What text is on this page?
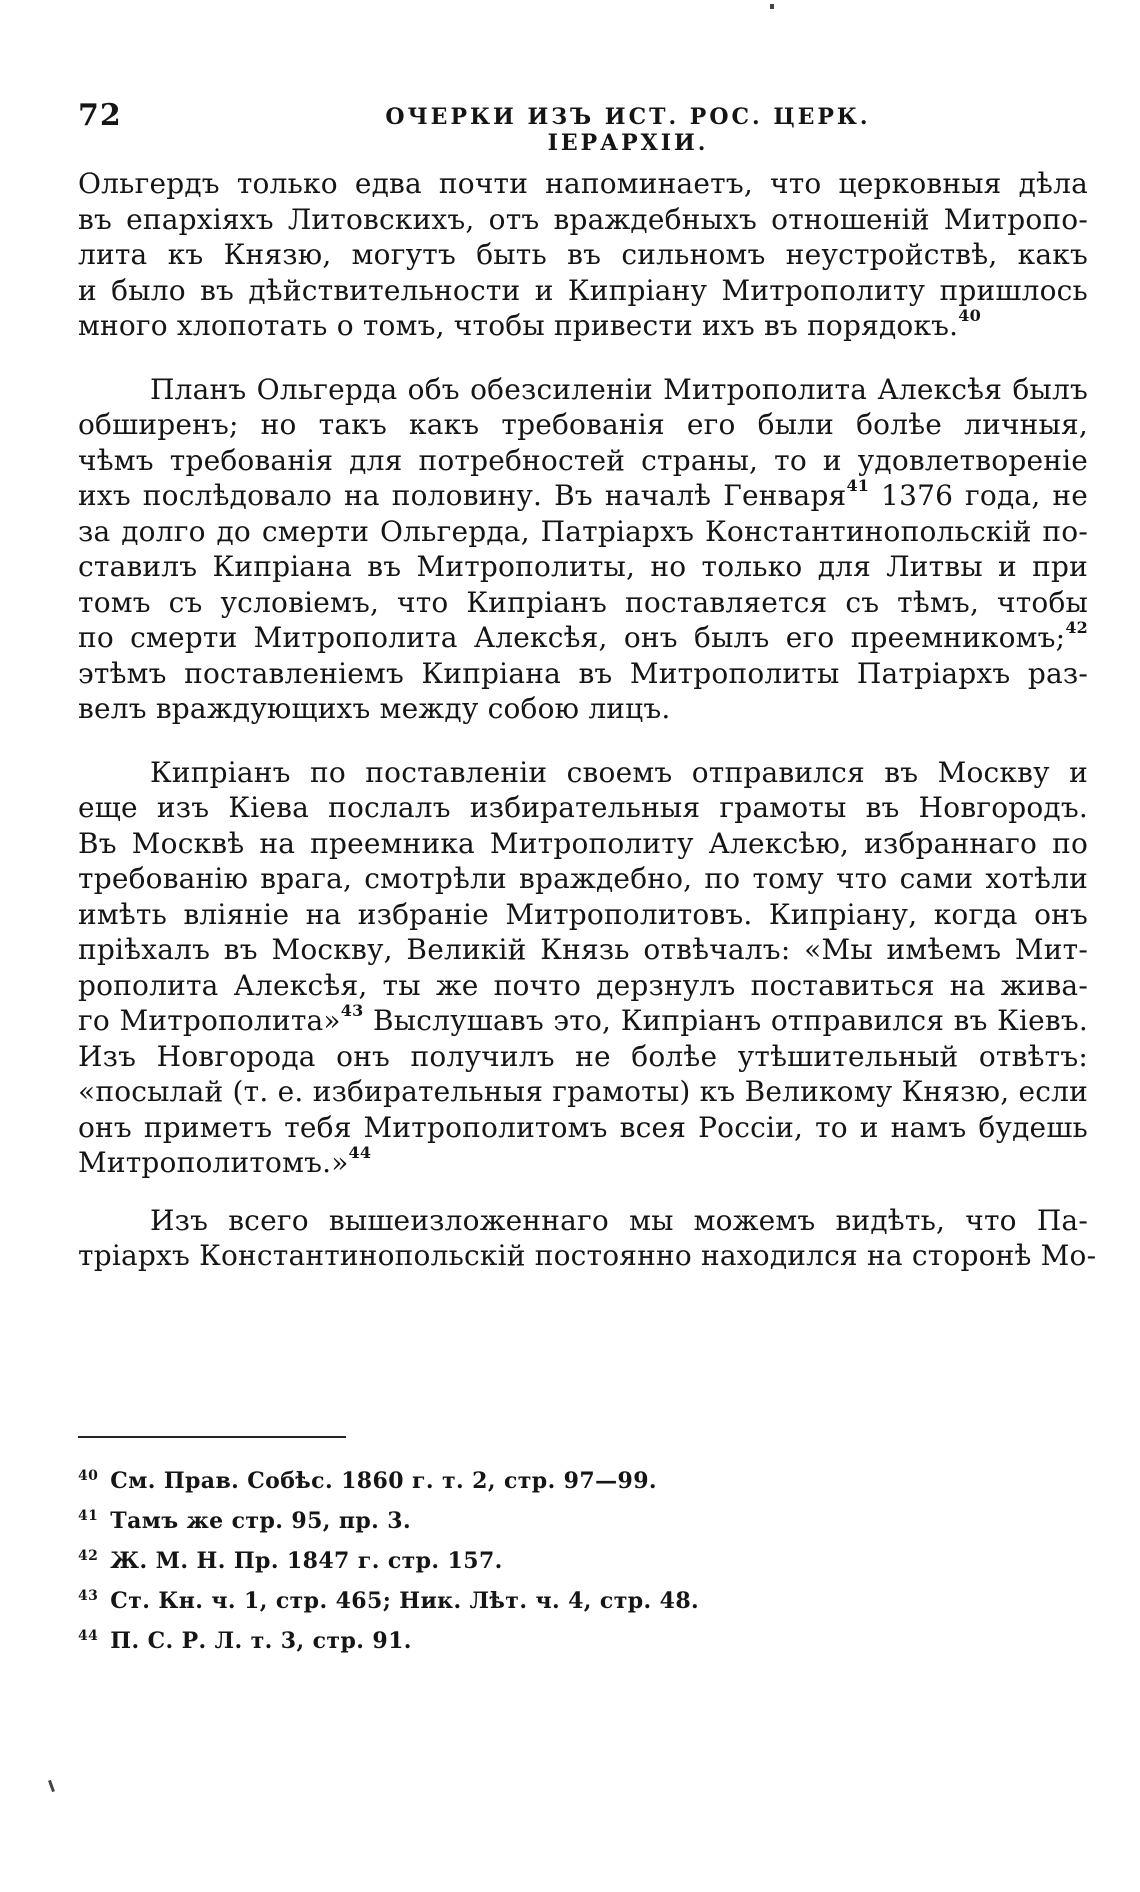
72	ОЧЕРКИ ИЗЪ ИСТ. РОС. ЦЕРК. IЕРАРХIИ.
Ольгердъ только едва почти напоминаетъ, что церковныя дѣла
въ епархiяхъ Литовскихъ, отъ враждебныхъ отношенiй Митропо-
лита къ Князю, могутъ быть въ сильномъ неустройствѣ, какъ
и было въ дѣйствительности и Кипрiану Митрополиту пришлось
много хлопотать о томъ, чтобы привести ихъ въ порядокъ.$^{40}$
Планъ Ольгерда объ обезсиленiи Митрополита Алексѣя былъ
обширенъ; но такъ какъ требованiя его были болѣе личныя,
чѣмъ требованiя для потребностей страны, то и удовлетворенiе
ихъ послѣдовало на половину. Въ началѣ Генваря$^{41}$ 1376 года, не
за долго до смерти Ольгерда, Патрiархъ Константинопольскiй по-
ставилъ Кипрiана въ Митрополиты, но только для Литвы и при
томъ съ условiемъ, что Кипрiанъ поставляется съ тѣмъ, чтобы
по смерти Митрополита Алексѣя, онъ былъ его преемникомъ;$^{42}$
этѣмъ поставленiемъ Кипрiана въ Митрополиты Патрiархъ раз-
велъ враждующихъ между собою лицъ.
Кипрiанъ по поставленiи своемъ отправился въ Москву и
еще изъ Кiева послалъ избирательныя грамоты въ Новгородъ.
Въ Москвѣ на преемника Митрополиту Алексѣю, избраннаго по
требованiю врага, смотрѣли враждебно, по тому что сами хотѣли
имѣть влiянiе на избранiе Митрополитовъ. Кипрiану, когда онъ
прiѣхалъ въ Москву, Великiй Князь отвѣчалъ: «Мы имѣемъ Мит-
рополита Алексѣя, ты же почто дерзнулъ поставиться на жива-
го Митрополита»$^{43}$ Выслушавъ это, Кипрiанъ отправился въ Кiевъ.
Изъ Новгорода онъ получилъ не болѣе утѣшительный отвѣтъ:
«посылай (т. е. избирательныя грамоты) къ Великому Князю, если
онъ приметъ тебя Митрополитомъ всея Россiи, то и намъ будешь
Митрополитомъ.»$^{44}$
Изъ всего вышеизложеннаго мы можемъ видѣть, что Па-
трiархъ Константинопольскiй постоянно находился на сторонѣ Мо-
$^{40}$ См. Прав. Собѣс. 1860 г. т. 2, стр. 97—99.
$^{41}$ Тамъ же стр. 95, пр. 3.
$^{42}$ Ж. М. Н. Пр. 1847 г. стр. 157.
$^{43}$ Ст. Кн. ч. 1, стр. 465; Ник. Лѣт. ч. 4, стр. 48.
$^{44}$ П. С. Р. Л. т. 3, стр. 91.
